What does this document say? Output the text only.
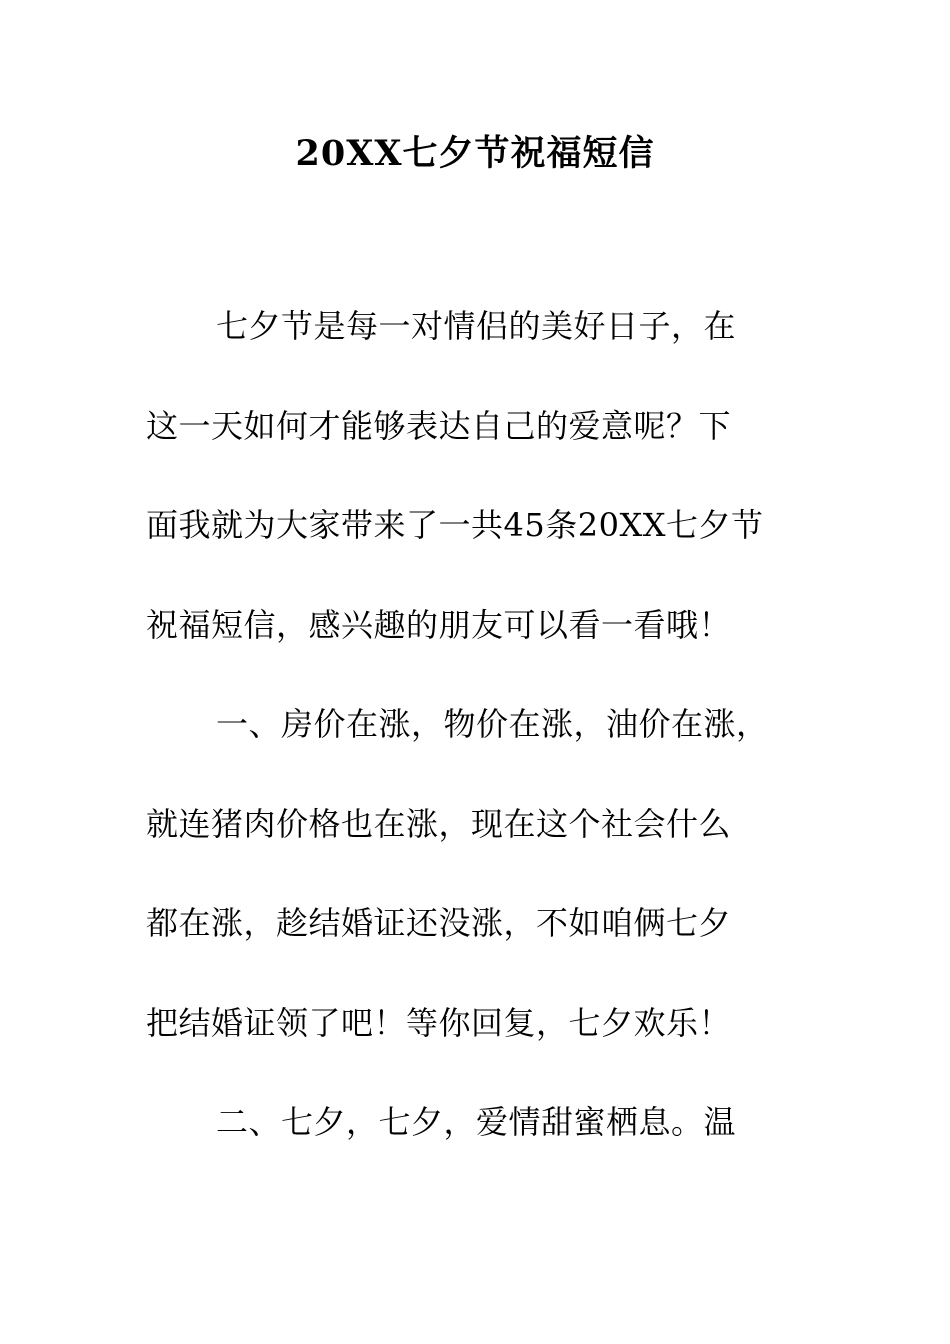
20XX七夕节祝福短信
七夕节是每一对情侣的美好日子，在
这一天如何才能够表达自己的爱意呢？下
面我就为大家带来了一共45条20XX七夕节
祝福短信，感兴趣的朋友可以看一看哦！
一、房价在涨，物价在涨，油价在涨，
就连猪肉价格也在涨，现在这个社会什么
都在涨，趁结婚证还没涨，不如咱俩七夕
把结婚证领了吧！等你回复，七夕欢乐！
二、七夕，七夕，爱情甜蜜栖息。温
